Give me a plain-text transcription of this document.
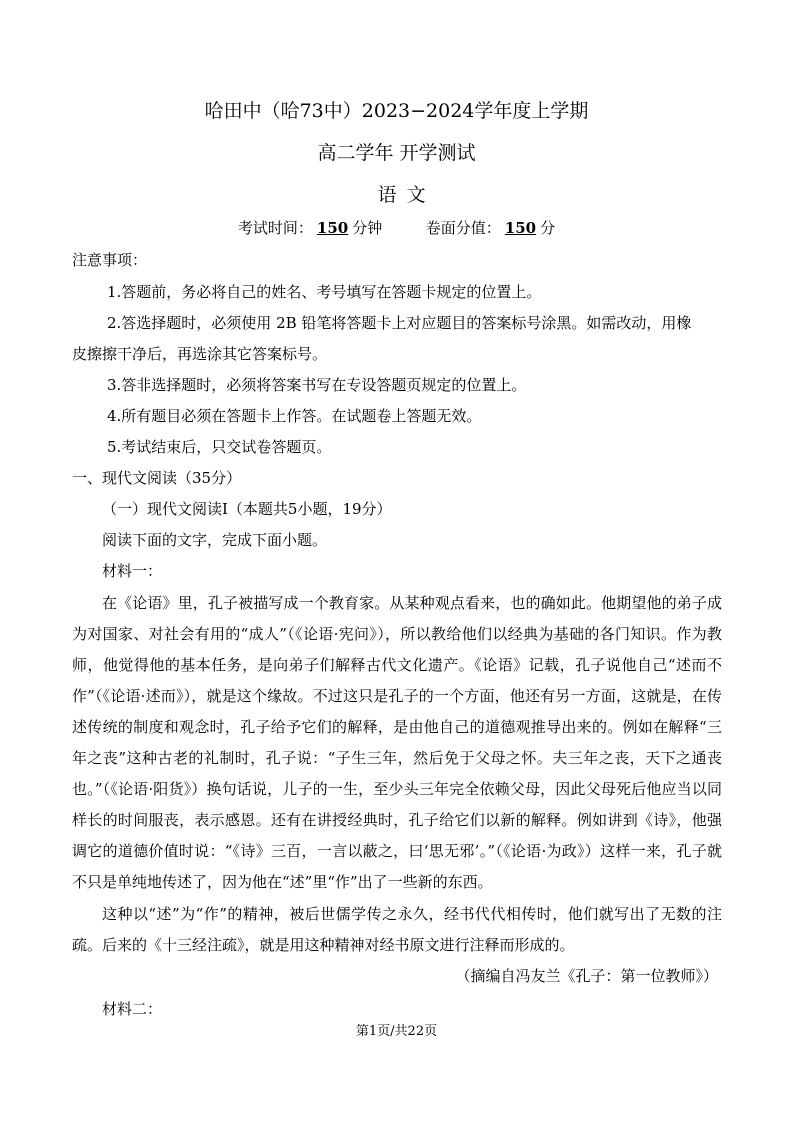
哈田中（哈73中）2023−2024学年度上学期
高二学年 开学测试
语文
考试时间： 150 分钟	卷面分值： 150 分
注意事项：
1.答题前，务必将自己的姓名、考号填写在答题卡规定的位置上。
2.答选择题时，必须使用 2B 铅笔将答题卡上对应题目的答案标号涂黑。如需改动，用橡
皮擦擦干净后，再选涂其它答案标号。
3.答非选择题时，必须将答案书写在专设答题页规定的位置上。
4.所有题目必须在答题卡上作答。在试题卷上答题无效。
5.考试结束后，只交试卷答题页。
一、现代文阅读（35分）
（一）现代文阅读Ⅰ（本题共5小题，19分）
阅读下面的文字，完成下面小题。
材料一：
在《论语》里，孔子被描写成一个教育家。从某种观点看来，也的确如此。他期望他的弟子成为对国家、对社会有用的“成人”（《论语·宪问》），所以教给他们以经典为基础的各门知识。作为教师，他觉得他的基本任务，是向弟子们解释古代文化遗产。《论语》记载，孔子说他自己“述而不作”（《论语·述而》），就是这个缘故。不过这只是孔子的一个方面，他还有另一方面，这就是，在传述传统的制度和观念时，孔子给予它们的解释，是由他自己的道德观推导出来的。例如在解释“三年之丧”这种古老的礼制时，孔子说：“子生三年，然后免于父母之怀。夫三年之丧，天下之通丧也。”（《论语·阳货》）换句话说，儿子的一生，至少头三年完全依赖父母，因此父母死后他应当以同样长的时间服丧，表示感恩。还有在讲授经典时，孔子给它们以新的解释。例如讲到《诗》，他强调它的道德价值时说：“《诗》三百，一言以蔽之，曰‘思无邪’。”（《论语·为政》）这样一来，孔子就不只是单纯地传述了，因为他在“述”里“作”出了一些新的东西。
这种以“述”为“作”的精神，被后世儒学传之永久，经书代代相传时，他们就写出了无数的注疏。后来的《十三经注疏》，就是用这种精神对经书原文进行注释而形成的。
（摘编自冯友兰《孔子：第一位教师》）
材料二：
第1页/共22页
